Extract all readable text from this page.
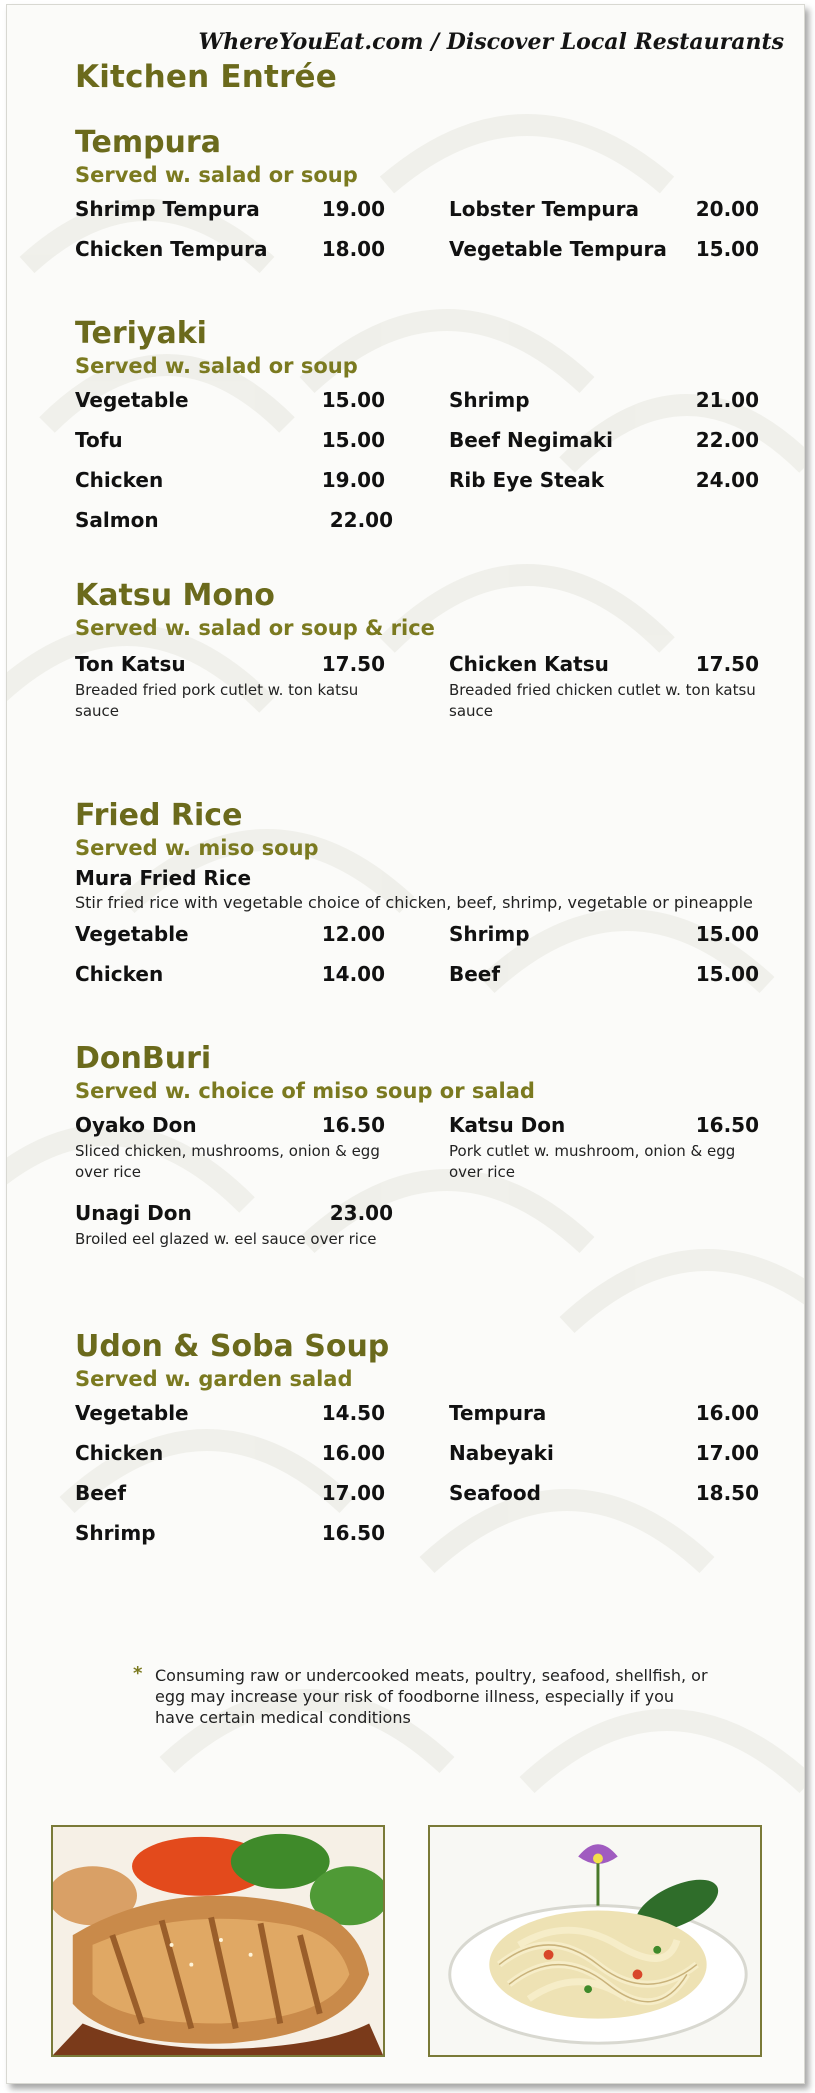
WhereYouEat.com / Discover Local Restaurants
Kitchen Entrée
Tempura
Served w. salad or soup
Shrimp Tempura	19.00	Lobster Tempura	20.00
Chicken Tempura	18.00	Vegetable Tempura 15.00
Teriyaki
Served w. salad or soup
Vegetable	15.00	Shrimp	21.00
Tofu	15.00	Beef Negimaki	22.00
Chicken	19.00	Rib Eye Steak	24.00
Salmon	22.00
Katsu Mono
Served w. salad or soup & rice
Ton Katsu	17.50
Breaded fried pork cutlet w. ton katsu sauce
Chicken Katsu	17.50
Breaded fried chicken cutlet w. ton katsu sauce
Fried Rice
Served w. miso soup
Mura Fried Rice
Stir fried rice with vegetable choice of chicken, beef, shrimp, vegetable or pineapple
Vegetable	12.00	Shrimp	15.00
Chicken	14.00	Beef	15.00
DonBuri
Served w. choice of miso soup or salad
Oyako Don	16.50
Sliced chicken, mushrooms, onion & egg over rice
Katsu Don	16.50
Pork cutlet w. mushroom, onion & egg over rice
Unagi Don	23.00
Broiled eel glazed w. eel sauce over rice
Udon & Soba Soup
Served w. garden salad
Vegetable	14.50	Tempura	16.00
Chicken	16.00	Nabeyaki	17.00
Beef	17.00	Seafood	18.50
Shrimp	16.50
* Consuming raw or undercooked meats, poultry, seafood, shellfish, or egg may increase your risk of foodborne illness, especially if you have certain medical conditions
